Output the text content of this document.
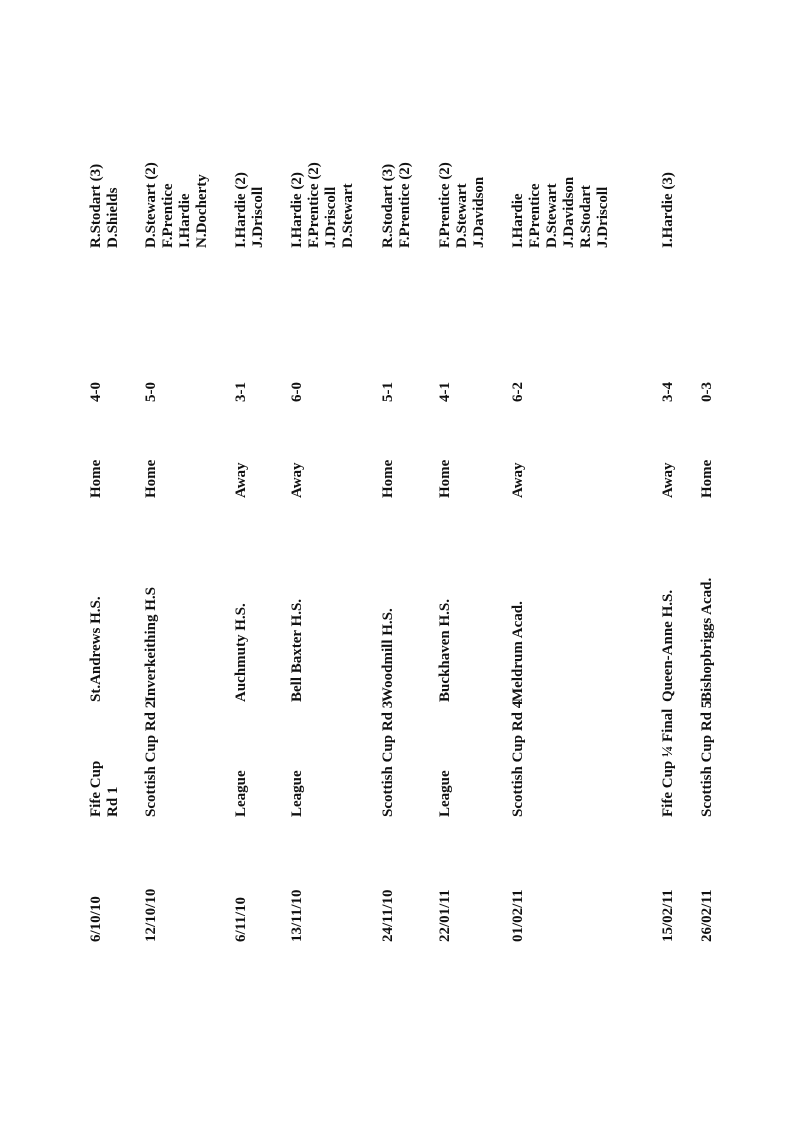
6/10/10
Fife Cup Rd 1
St.Andrews H.S.
Home
4-0
R.Stodart (3) D.Shields
12/10/10
Scottish Cup Rd 2
Inverkeithing H.S
Home
5-0
D.Stewart (2) F.Prentice I.Hardie N.Docherty
6/11/10
League
Auchmuty H.S.
Away
3-1
I.Hardie (2) J.Driscoll
13/11/10
League
Bell Baxter H.S.
Away
6-0
I.Hardie (2) F.Prentice (2) J.Driscoll D.Stewart
24/11/10
Scottish Cup Rd 3
Woodmill H.S.
Home
5-1
R.Stodart (3) F.Prentice (2)
22/01/11
League
Buckhaven H.S.
Home
4-1
F.Prentice (2) D.Stewart J.Davidson
01/02/11
Scottish Cup Rd 4
Meldrum Acad.
Away
6-2
I.Hardie F.Prentice D.Stewart J.Davidson R.Stodart J.Driscoll
15/02/11
Fife Cup ¼ Final
Queen-Anne H.S.
Away
3-4
I.Hardie (3)
26/02/11
Scottish Cup Rd 5
Bishopbriggs Acad.
Home
0-3
